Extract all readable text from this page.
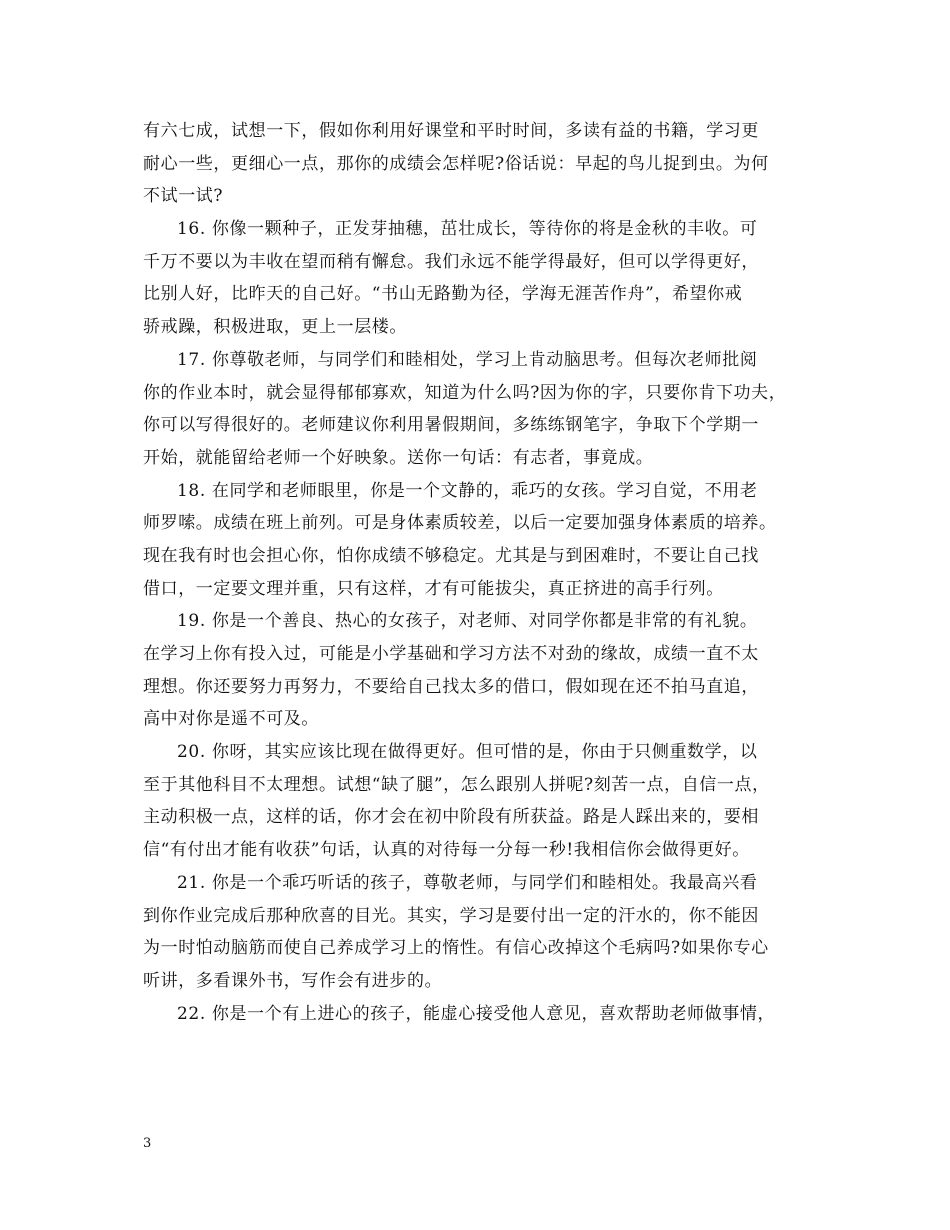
有六七成，试想一下，假如你利用好课堂和平时时间，多读有益的书籍，学习更
耐心一些，更细心一点，那你的成绩会怎样呢?俗话说：早起的鸟儿捉到虫。为何
不试一试?
16. 你像一颗种子，正发芽抽穗，茁壮成长，等待你的将是金秋的丰收。可
千万不要以为丰收在望而稍有懈怠。我们永远不能学得最好，但可以学得更好，
比别人好，比昨天的自己好。“书山无路勤为径，学海无涯苦作舟”，希望你戒
骄戒躁，积极进取，更上一层楼。
17. 你尊敬老师，与同学们和睦相处，学习上肯动脑思考。但每次老师批阅
你的作业本时，就会显得郁郁寡欢，知道为什么吗?因为你的字，只要你肯下功夫，
你可以写得很好的。老师建议你利用暑假期间，多练练钢笔字，争取下个学期一
开始，就能留给老师一个好映象。送你一句话：有志者，事竟成。
18. 在同学和老师眼里，你是一个文静的，乖巧的女孩。学习自觉，不用老
师罗嗦。成绩在班上前列。可是身体素质较差，以后一定要加强身体素质的培养。
现在我有时也会担心你，怕你成绩不够稳定。尤其是与到困难时，不要让自己找
借口，一定要文理并重，只有这样，才有可能拔尖，真正挤进的高手行列。
19. 你是一个善良、热心的女孩子，对老师、对同学你都是非常的有礼貌。
在学习上你有投入过，可能是小学基础和学习方法不对劲的缘故，成绩一直不太
理想。你还要努力再努力，不要给自己找太多的借口，假如现在还不拍马直追，
高中对你是遥不可及。
20. 你呀，其实应该比现在做得更好。但可惜的是，你由于只侧重数学，以
至于其他科目不太理想。试想“缺了腿”，怎么跟别人拼呢?刻苦一点，自信一点，
主动积极一点，这样的话，你才会在初中阶段有所获益。路是人踩出来的，要相
信“有付出才能有收获”句话，认真的对待每一分每一秒!我相信你会做得更好。
21. 你是一个乖巧听话的孩子，尊敬老师，与同学们和睦相处。我最高兴看
到你作业完成后那种欣喜的目光。其实，学习是要付出一定的汗水的，你不能因
为一时怕动脑筋而使自己养成学习上的惰性。有信心改掉这个毛病吗?如果你专心
听讲，多看课外书，写作会有进步的。
22. 你是一个有上进心的孩子，能虚心接受他人意见，喜欢帮助老师做事情，
3
